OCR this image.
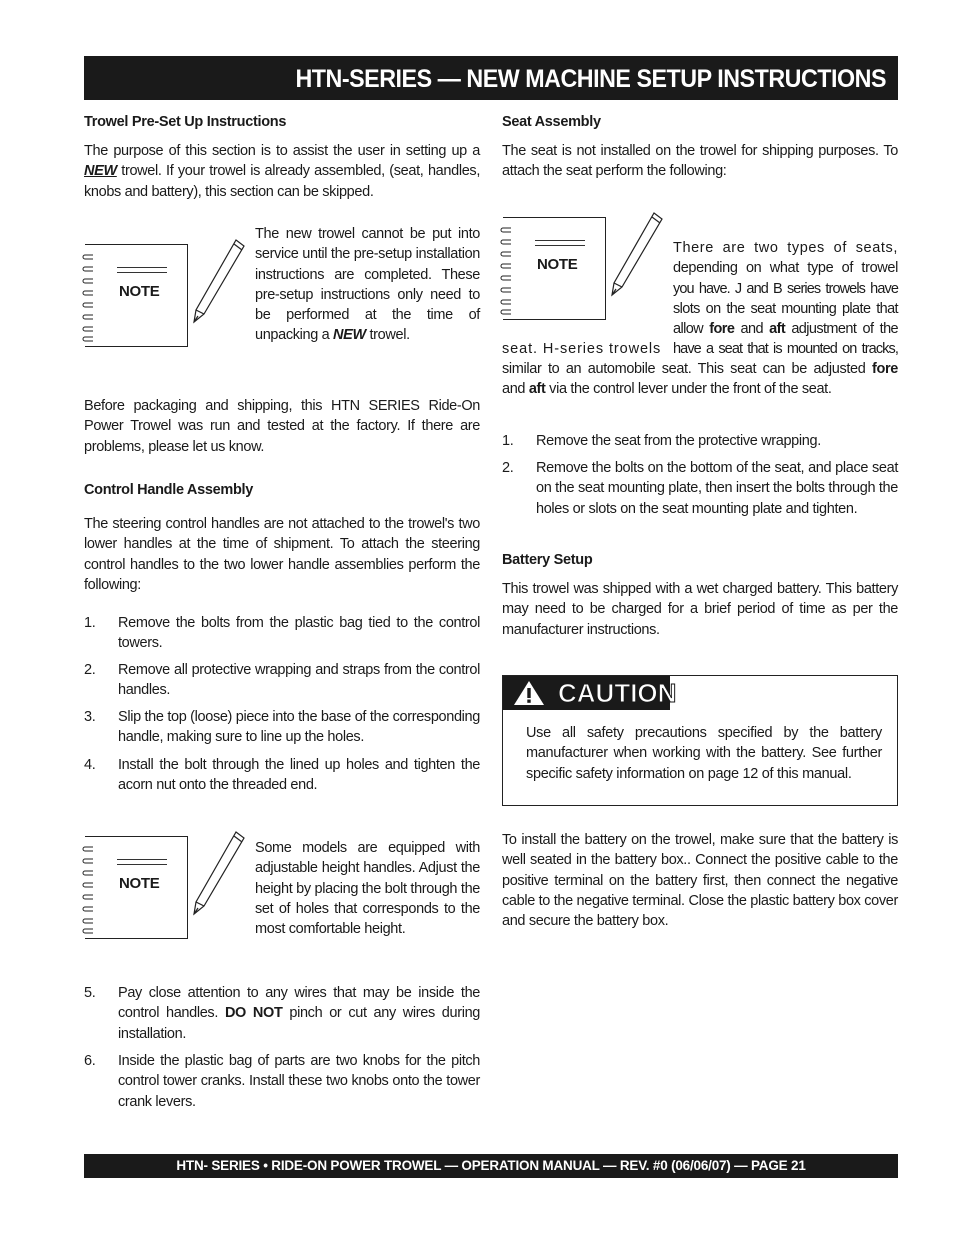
HTN-SERIES — NEW MACHINE SETUP INSTRUCTIONS
Trowel Pre-Set Up Instructions
The purpose of this section is to assist the user in setting up a NEW trowel. If your trowel is already assembled, (seat, handles, knobs and battery), this section can be skipped.
NOTE
The new trowel cannot be put into service until the pre-setup installation instructions are completed. These pre-setup instructions only need to be performed at the time of unpacking a NEW trowel.
Before packaging and shipping, this HTN SERIES Ride-On Power Trowel was run and tested at the factory. If there are problems, please let us know.
Control Handle Assembly
The steering control handles are not attached to the trowel's two lower handles at the time of shipment. To attach the steering control handles to the two lower handle assemblies perform the following:
1. Remove the bolts from the plastic bag tied to the control towers.
2. Remove all protective wrapping and straps from the control handles.
3. Slip the top (loose) piece into the base of the corresponding handle, making sure to line up the holes.
4. Install the bolt through the lined up holes and tighten the acorn nut onto the threaded end.
NOTE
Some models are equipped with adjustable height handles. Adjust the height by placing the bolt through the set of holes that corresponds to the most comfortable height.
5. Pay close attention to any wires that may be inside the control handles. DO NOT pinch or cut any wires during installation.
6. Inside the plastic bag of parts are two knobs for the pitch control tower cranks. Install these two knobs onto the tower crank levers.
Seat Assembly
The seat is not installed on the trowel for shipping purposes. To attach the seat perform the following:
NOTE
There are two types of seats,
depending on what type of trowel
you have. J and B series trowels have
slots on the seat mounting plate that
allow fore and aft adjustment of the
have a seat that is mounted on tracks,
seat. H-series trowels
similar to an automobile seat. This seat can be adjusted fore
and aft via the control lever under the front of the seat.
1. Remove the seat from the protective wrapping.
2. Remove the bolts on the bottom of the seat, and place seat on the seat mounting plate, then insert the bolts through the holes or slots on the seat mounting plate and tighten.
Battery Setup
This trowel was shipped with a wet charged battery. This battery may need to be charged for a brief period of time as per the manufacturer instructions.
CAUTION
Use all safety precautions specified by the battery manufacturer when working with the battery. See further specific safety information on page 12 of this manual.
To install the battery on the trowel, make sure that the battery is well seated in the battery box.. Connect the positive cable to the positive terminal on the battery first, then connect the negative cable to the negative terminal. Close the plastic battery box cover and secure the battery box.
HTN- SERIES • RIDE-ON POWER TROWEL — OPERATION MANUAL — REV. #0 (06/06/07) — PAGE 21
